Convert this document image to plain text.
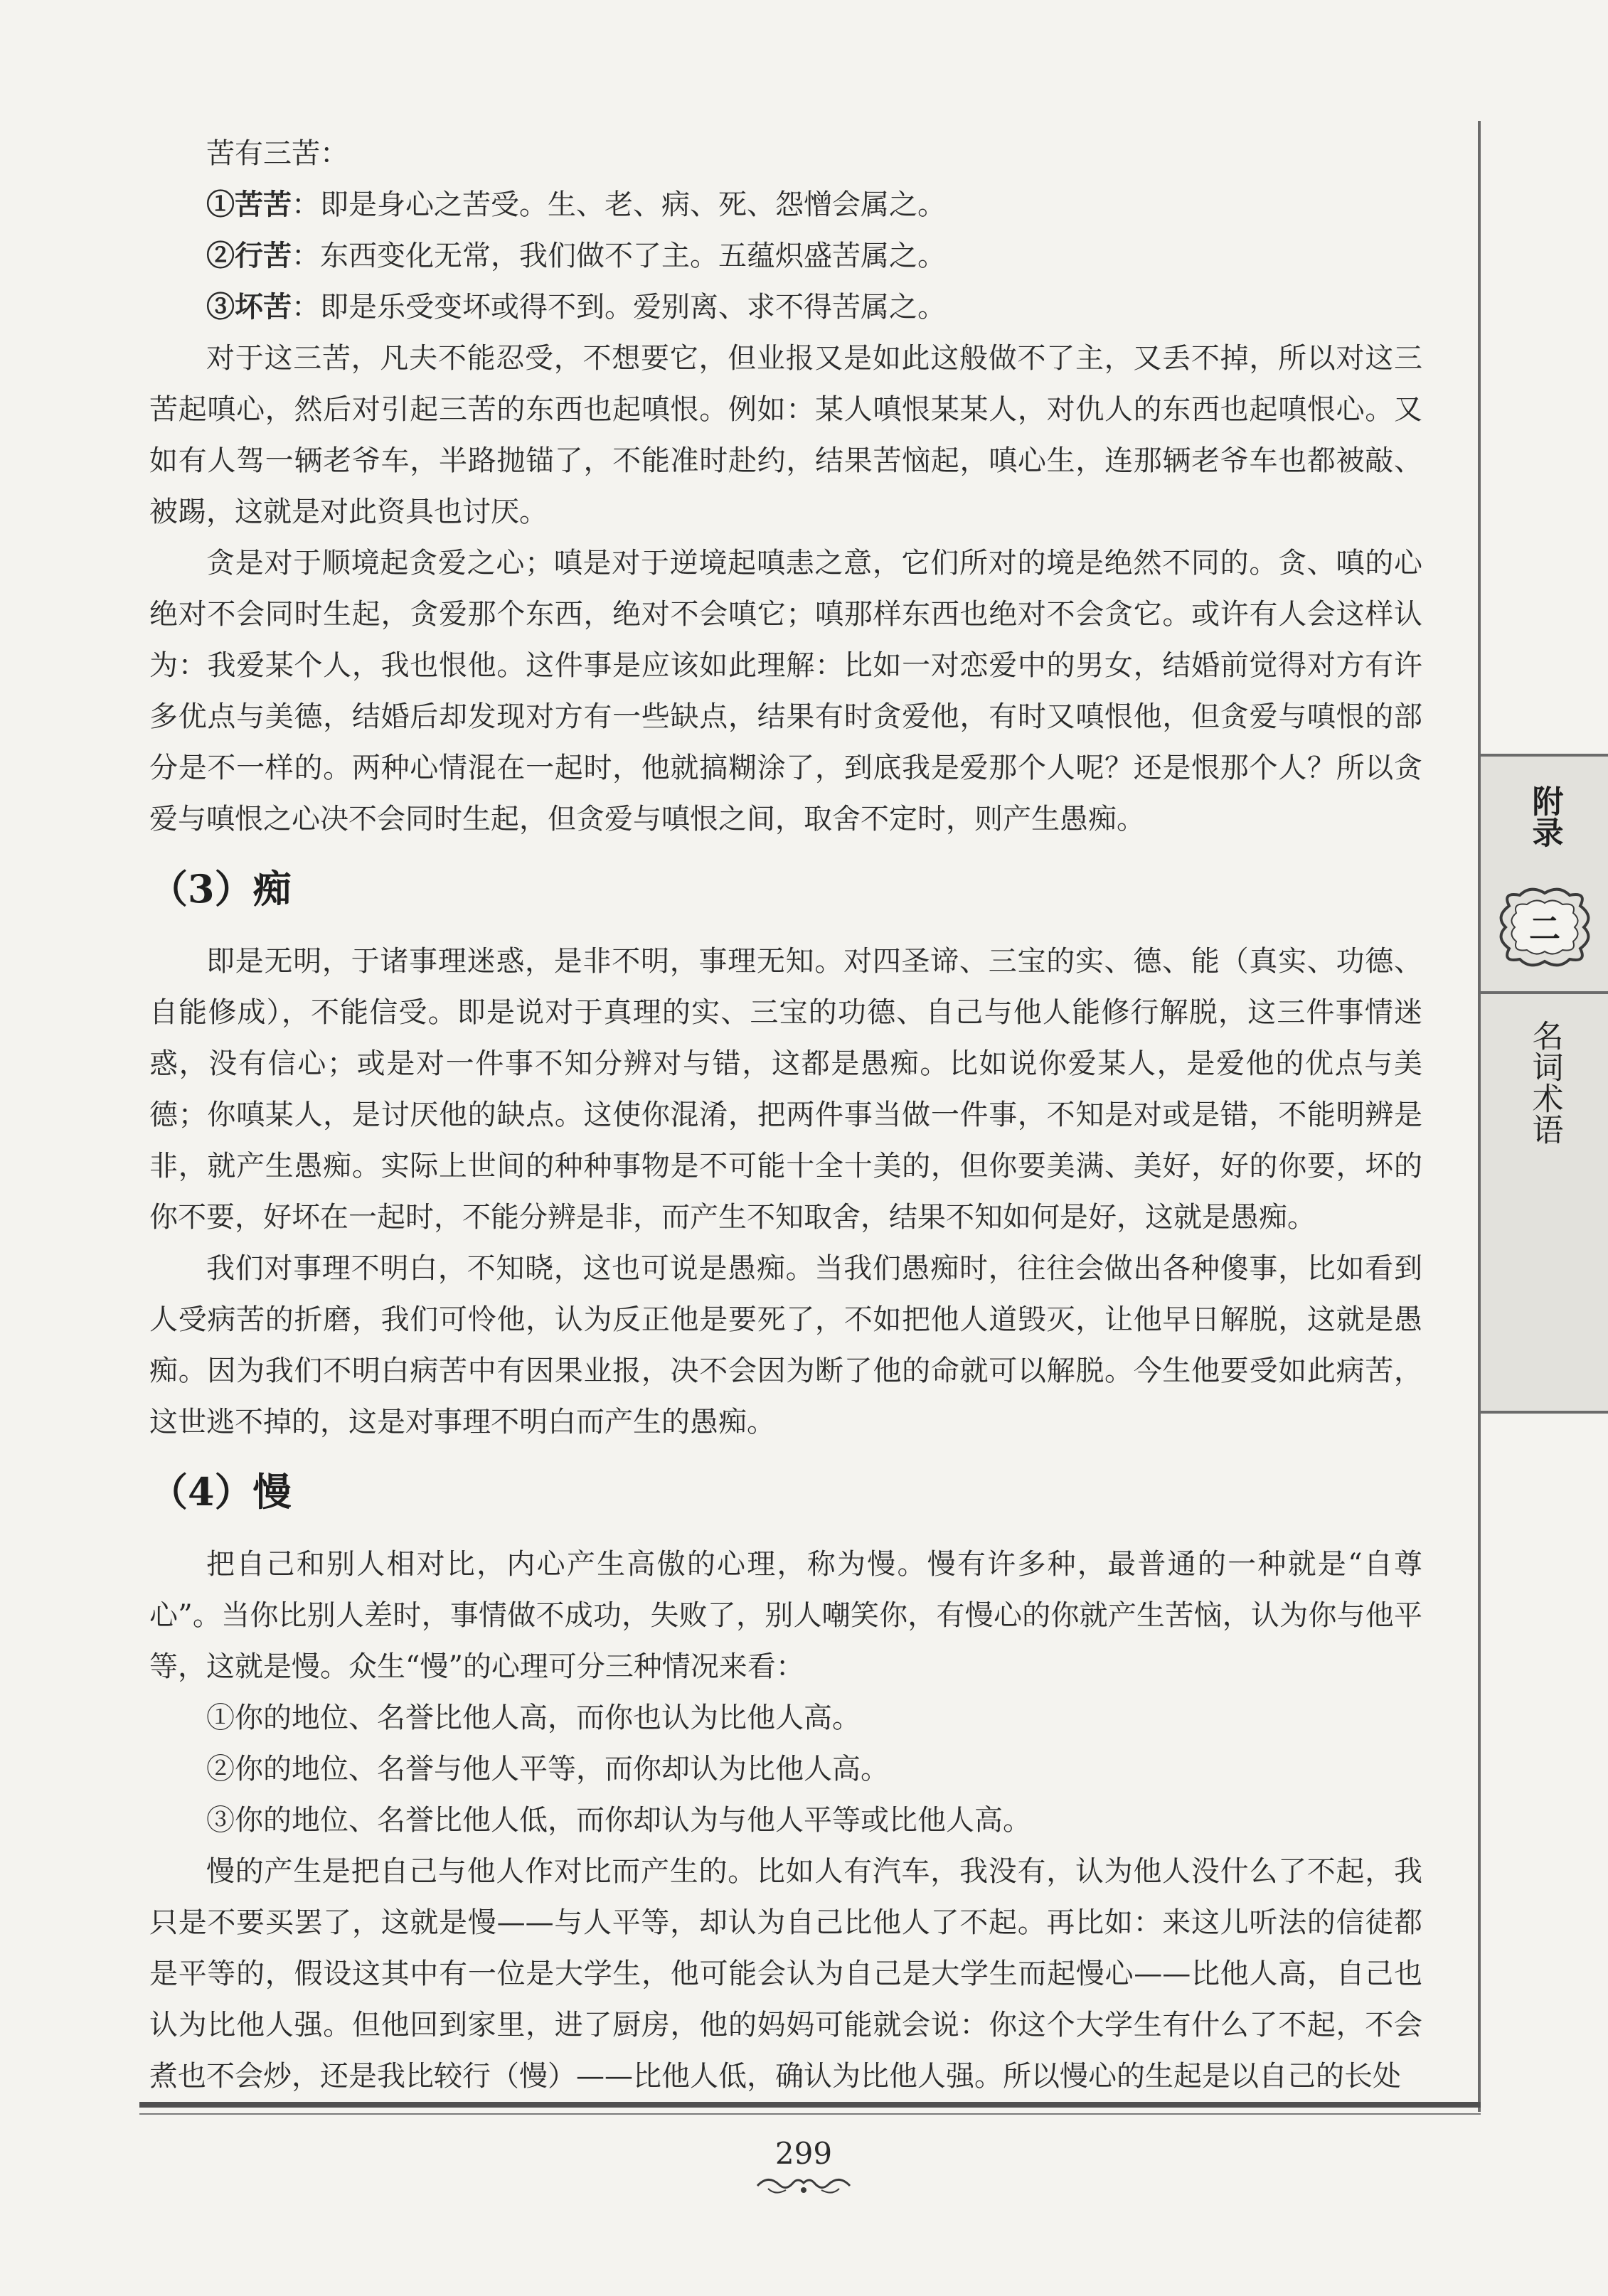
苦有三苦：

①苦苦：即是身心之苦受。生、老、病、死、怨憎会属之。

②行苦：东西变化无常，我们做不了主。五蕴炽盛苦属之。

③坏苦：即是乐受变坏或得不到。爱别离、求不得苦属之。

对于这三苦，凡夫不能忍受，不想要它，但业报又是如此这般做不了主，又丢不掉，所以对这三苦起嗔心，然后对引起三苦的东西也起嗔恨。例如：某人嗔恨某某人，对仇人的东西也起嗔恨心。又如有人驾一辆老爷车，半路抛锚了，不能准时赴约，结果苦恼起，嗔心生，连那辆老爷车也都被敲、被踢，这就是对此资具也讨厌。

贪是对于顺境起贪爱之心；嗔是对于逆境起嗔恚之意，它们所对的境是绝然不同的。贪、嗔的心绝对不会同时生起，贪爱那个东西，绝对不会嗔它；嗔那样东西也绝对不会贪它。或许有人会这样认为：我爱某个人，我也恨他。这件事是应该如此理解：比如一对恋爱中的男女，结婚前觉得对方有许多优点与美德，结婚后却发现对方有一些缺点，结果有时贪爱他，有时又嗔恨他，但贪爱与嗔恨的部分是不一样的。两种心情混在一起时，他就搞糊涂了，到底我是爱那个人呢？还是恨那个人？所以贪爱与嗔恨之心决不会同时生起，但贪爱与嗔恨之间，取舍不定时，则产生愚痴。

（3）痴

即是无明，于诸事理迷惑，是非不明，事理无知。对四圣谛、三宝的实、德、能（真实、功德、自能修成），不能信受。即是说对于真理的实、三宝的功德、自己与他人能修行解脱，这三件事情迷惑，没有信心；或是对一件事不知分辨对与错，这都是愚痴。比如说你爱某人，是爱他的优点与美德；你嗔某人，是讨厌他的缺点。这使你混淆，把两件事当做一件事，不知是对或是错，不能明辨是非，就产生愚痴。实际上世间的种种事物是不可能十全十美的，但你要美满、美好，好的你要，坏的你不要，好坏在一起时，不能分辨是非，而产生不知取舍，结果不知如何是好，这就是愚痴。

我们对事理不明白，不知晓，这也可说是愚痴。当我们愚痴时，往往会做出各种傻事，比如看到人受病苦的折磨，我们可怜他，认为反正他是要死了，不如把他人道毁灭，让他早日解脱，这就是愚痴。因为我们不明白病苦中有因果业报，决不会因为断了他的命就可以解脱。今生他要受如此病苦，这世逃不掉的，这是对事理不明白而产生的愚痴。

（4）慢

把自己和别人相对比，内心产生高傲的心理，称为慢。慢有许多种，最普通的一种就是“自尊心”。当你比别人差时，事情做不成功，失败了，别人嘲笑你，有慢心的你就产生苦恼，认为你与他平等，这就是慢。众生“慢”的心理可分三种情况来看：

①你的地位、名誉比他人高，而你也认为比他人高。

②你的地位、名誉与他人平等，而你却认为比他人高。

③你的地位、名誉比他人低，而你却认为与他人平等或比他人高。

慢的产生是把自己与他人作对比而产生的。比如人有汽车，我没有，认为他人没什么了不起，我只是不要买罢了，这就是慢——与人平等，却认为自己比他人了不起。再比如：来这儿听法的信徒都是平等的，假设这其中有一位是大学生，他可能会认为自己是大学生而起慢心——比他人高，自己也认为比他人强。但他回到家里，进了厨房，他的妈妈可能就会说：你这个大学生有什么了不起，不会煮也不会炒，还是我比较行（慢）——比他人低，确认为比他人强。所以慢心的生起是以自己的长处

附录
二
名词术语
299
